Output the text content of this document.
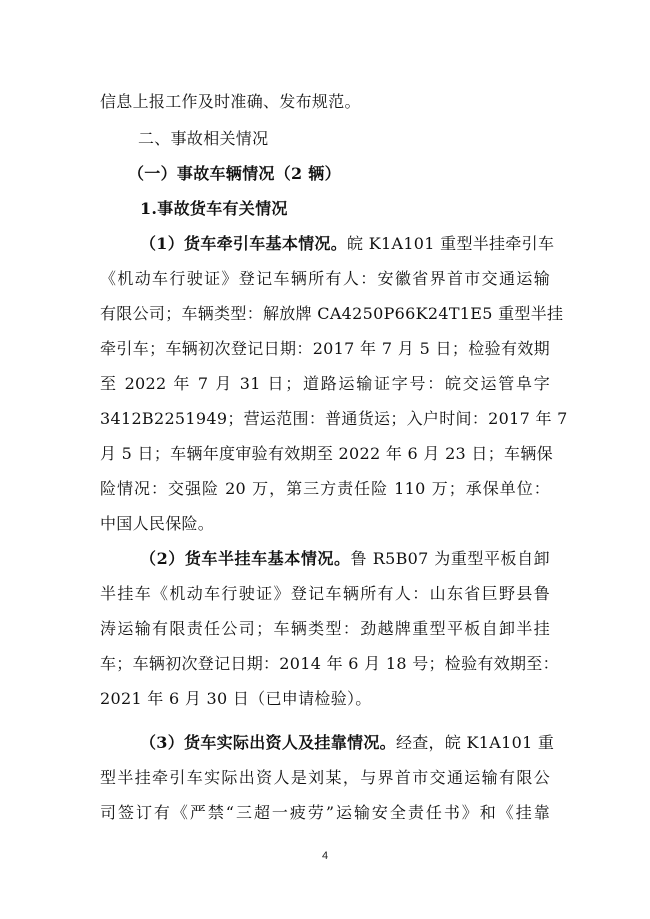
信息上报工作及时准确、发布规范。
二、事故相关情况
（一）事故车辆情况（2 辆）
1.事故货车有关情况
（1）货车牵引车基本情况。皖 K1A101 重型半挂牵引车
《机动车行驶证》登记车辆所有人：安徽省界首市交通运输
有限公司；车辆类型：解放牌 CA4250P66K24T1E5 重型半挂
牵引车；车辆初次登记日期：2017 年 7 月 5 日；检验有效期
至 2022 年 7 月 31 日；道路运输证字号：皖交运管阜字
3412B2251949；营运范围：普通货运；入户时间：2017 年 7
月 5 日；车辆年度审验有效期至 2022 年 6 月 23 日；车辆保
险情况：交强险 20 万，第三方责任险 110 万；承保单位：
中国人民保险。
（2）货车半挂车基本情况。鲁 R5B07 为重型平板自卸
半挂车《机动车行驶证》登记车辆所有人：山东省巨野县鲁
涛运输有限责任公司；车辆类型：劲越牌重型平板自卸半挂
车；车辆初次登记日期：2014 年 6 月 18 号；检验有效期至：
2021 年 6 月 30 日（已申请检验）。
（3）货车实际出资人及挂靠情况。经查，皖 K1A101 重
型半挂牵引车实际出资人是刘某，与界首市交通运输有限公
司签订有《严禁“三超一疲劳”运输安全责任书》和《挂靠
4
